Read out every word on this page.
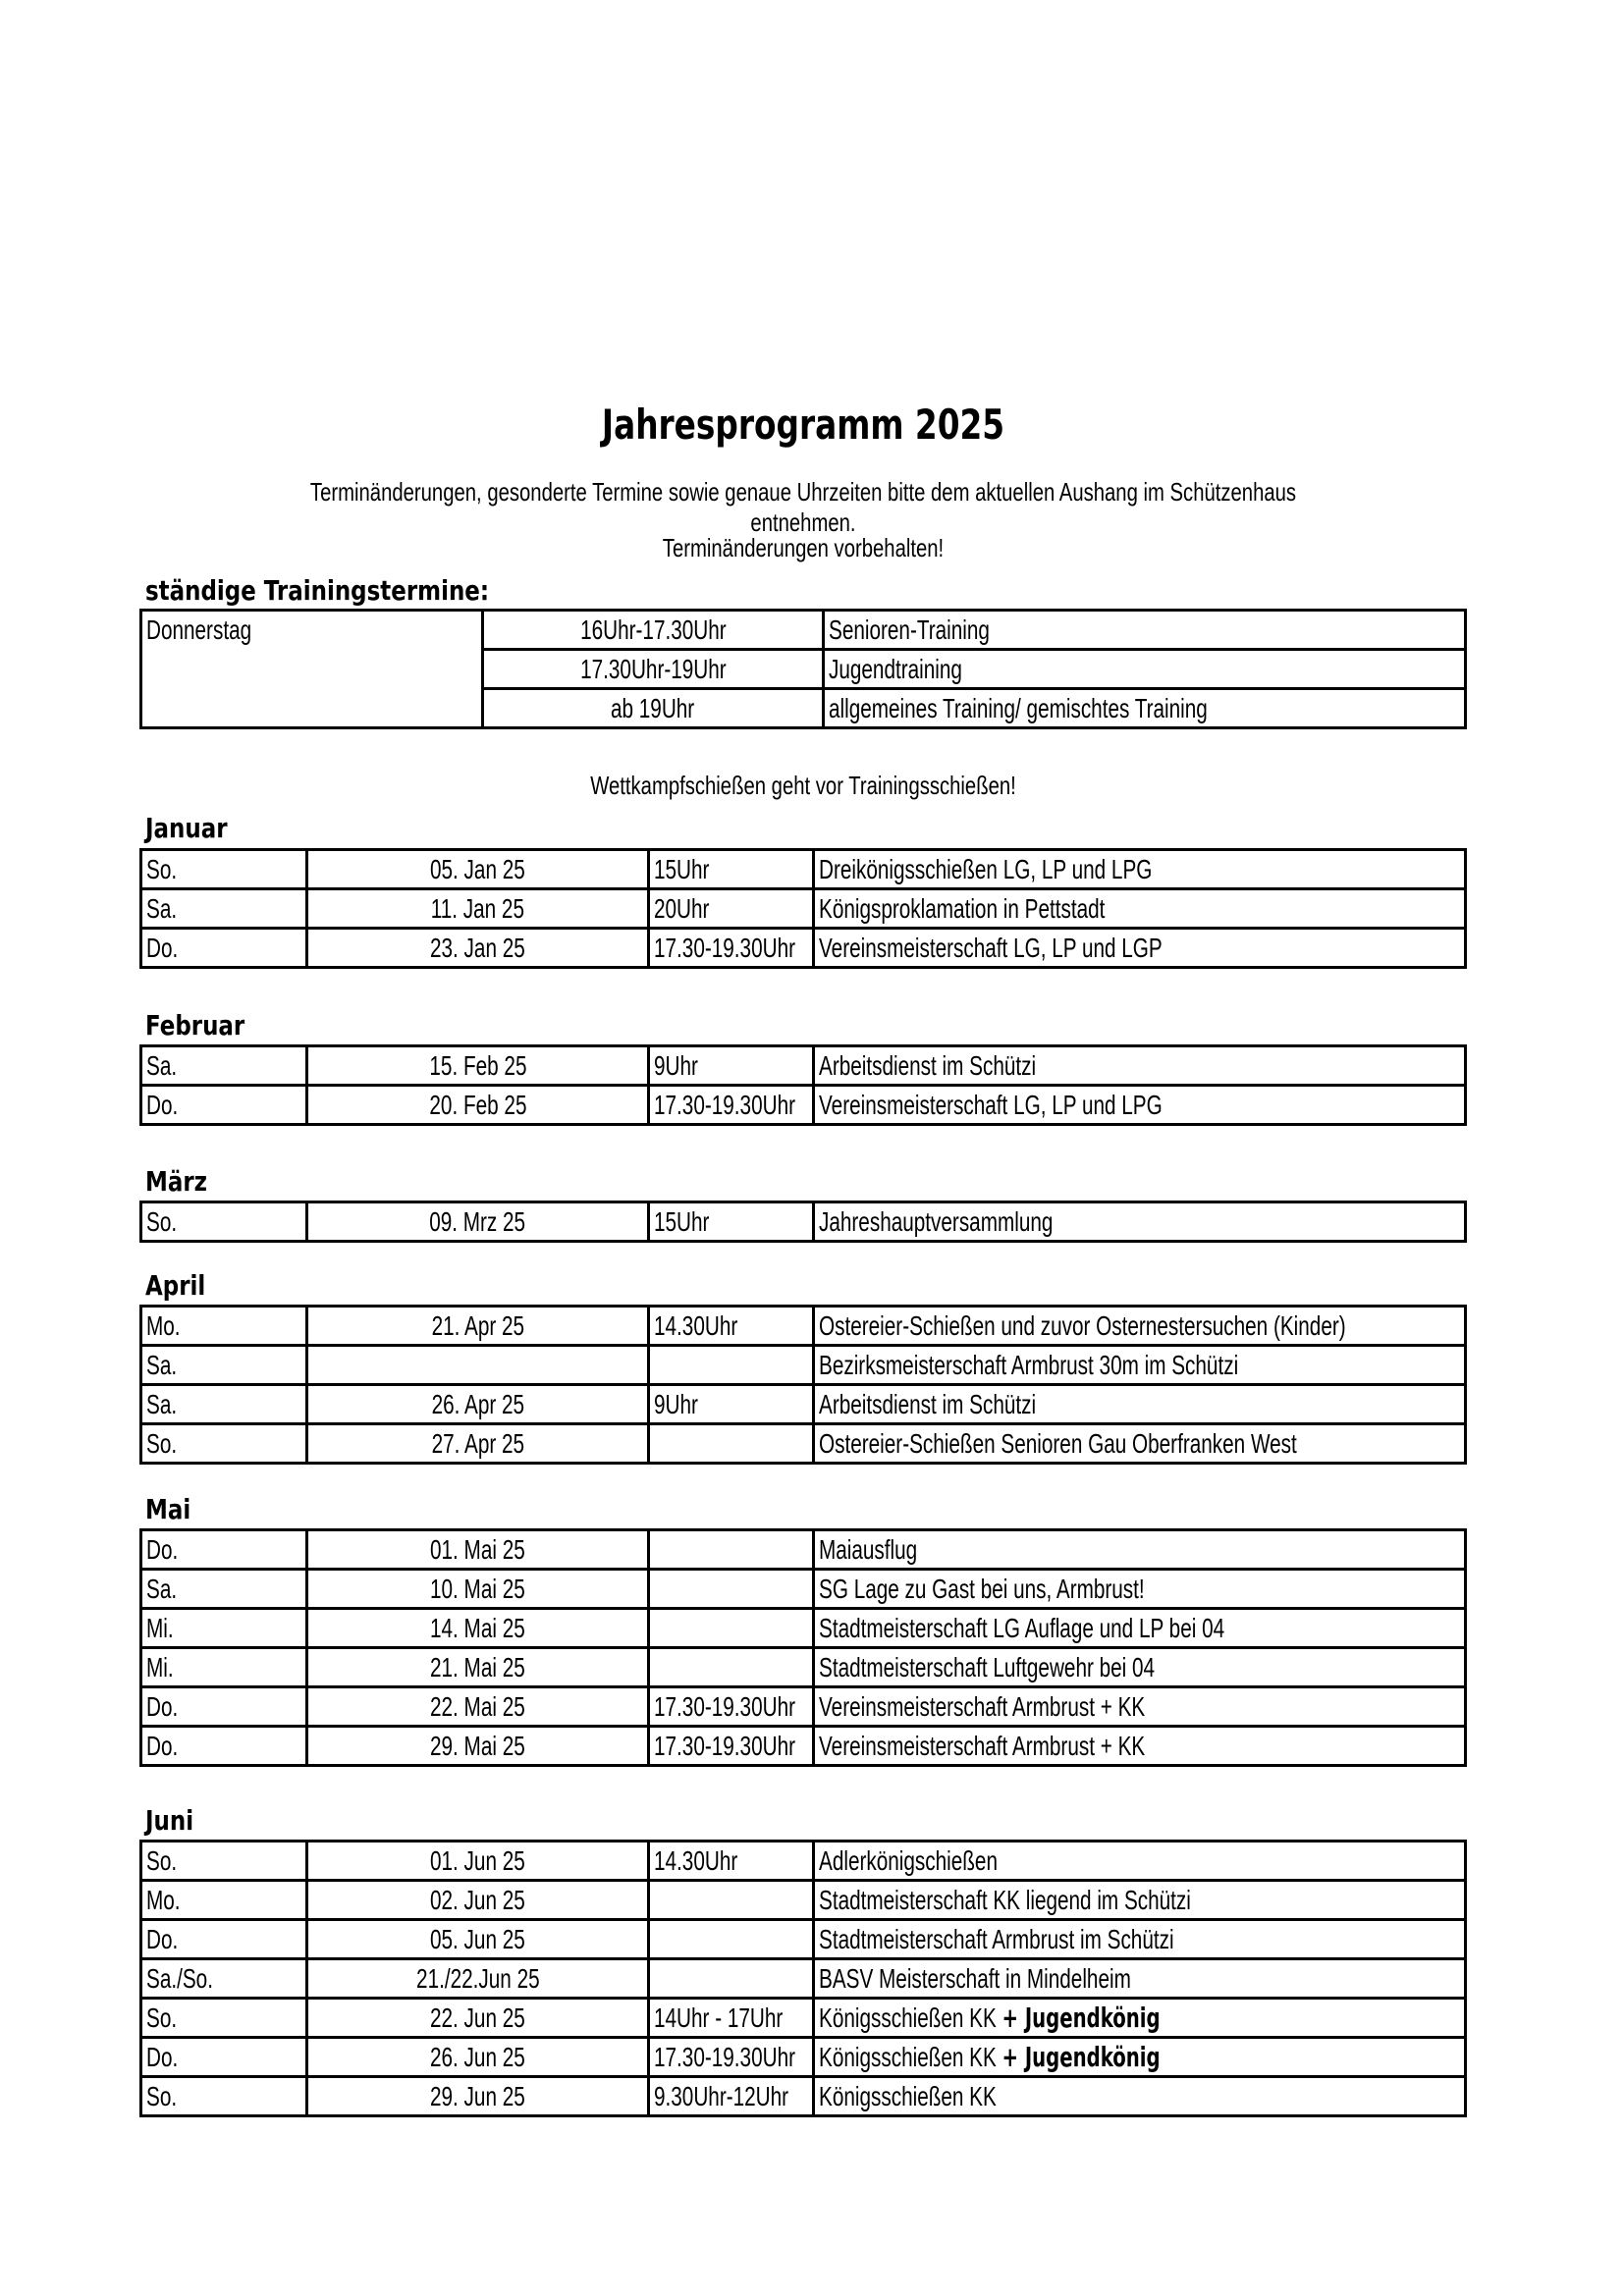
Jahresprogramm 2025
Terminänderungen, gesonderte Termine sowie genaue Uhrzeiten bitte dem aktuellen Aushang im Schützenhaus entnehmen.
Terminänderungen vorbehalten!
ständige Trainingstermine:
Donnerstag	16Uhr-17.30Uhr	Senioren-Training
	17.30Uhr-19Uhr	Jugendtraining
	ab 19Uhr	allgemeines Training/ gemischtes Training
Wettkampfschießen geht vor Trainingsschießen!
Januar
So.	05. Jan 25	15Uhr	Dreikönigsschießen LG, LP und LPG
Sa.	11. Jan 25	20Uhr	Königsproklamation in Pettstadt
Do.	23. Jan 25	17.30-19.30Uhr	Vereinsmeisterschaft LG, LP und LGP
Februar
Sa.	15. Feb 25	9Uhr	Arbeitsdienst im Schützi
Do.	20. Feb 25	17.30-19.30Uhr	Vereinsmeisterschaft LG, LP und LPG
März
So.	09. Mrz 25	15Uhr	Jahreshauptversammlung
April
Mo.	21. Apr 25	14.30Uhr	Ostereier-Schießen und zuvor Osternestersuchen (Kinder)
Sa.			Bezirksmeisterschaft Armbrust 30m im Schützi
Sa.	26. Apr 25	9Uhr	Arbeitsdienst im Schützi
So.	27. Apr 25		Ostereier-Schießen Senioren Gau Oberfranken West
Mai
Do.	01. Mai 25		Maiausflug
Sa.	10. Mai 25		SG Lage zu Gast bei uns, Armbrust!
Mi.	14. Mai 25		Stadtmeisterschaft LG Auflage und LP bei 04
Mi.	21. Mai 25		Stadtmeisterschaft Luftgewehr bei 04
Do.	22. Mai 25	17.30-19.30Uhr	Vereinsmeisterschaft Armbrust + KK
Do.	29. Mai 25	17.30-19.30Uhr	Vereinsmeisterschaft Armbrust + KK
Juni
So.	01. Jun 25	14.30Uhr	Adlerkönigschießen
Mo.	02. Jun 25		Stadtmeisterschaft KK liegend im Schützi
Do.	05. Jun 25		Stadtmeisterschaft Armbrust im Schützi
Sa./So.	21./22.Jun 25		BASV Meisterschaft in Mindelheim
So.	22. Jun 25	14Uhr - 17Uhr	Königsschießen KK + Jugendkönig
Do.	26. Jun 25	17.30-19.30Uhr	Königsschießen KK + Jugendkönig
So.	29. Jun 25	9.30Uhr-12Uhr	Königsschießen KK
